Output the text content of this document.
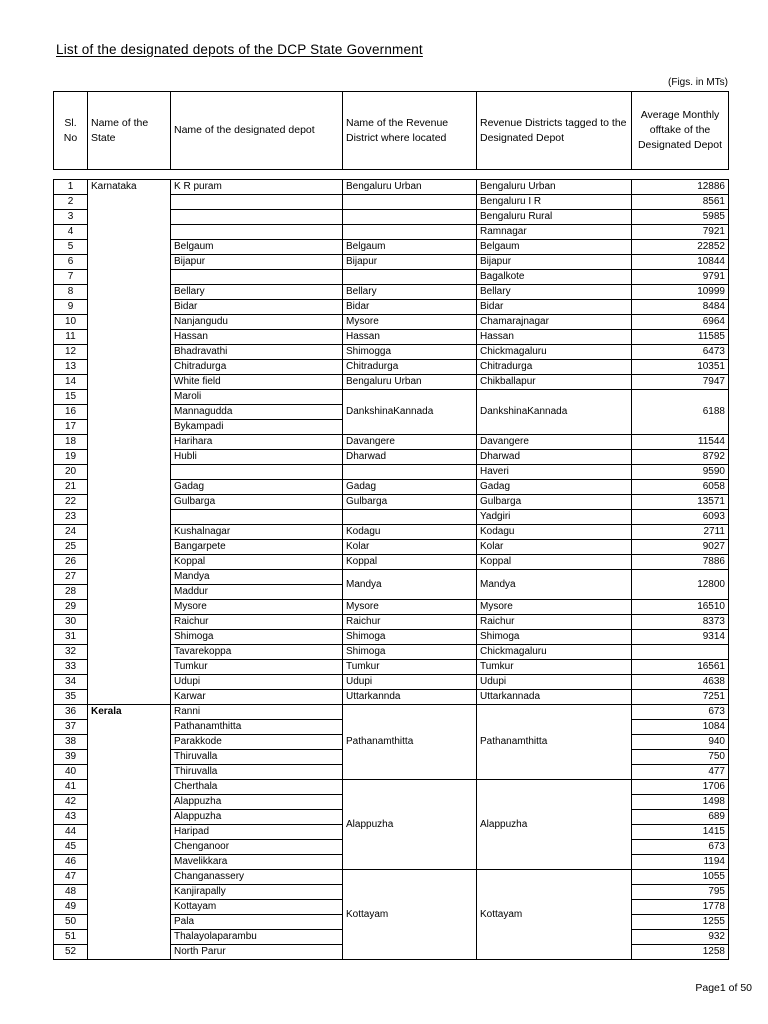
List of the designated depots of the DCP State Government
(Figs. in MTs)
Sl. No	Name of the State	Name of the designated depot	Name of the Revenue District where located	Revenue Districts tagged to the Designated Depot	Average Monthly offtake of the Designated Depot
1	Karnataka	K R puram	Bengaluru Urban	Bengaluru Urban	12886
2				Bengaluru I R	8561
3				Bengaluru Rural	5985
4				Ramnagar	7921
5		Belgaum	Belgaum	Belgaum	22852
6		Bijapur	Bijapur	Bijapur	10844
7				Bagalkote	9791
8		Bellary	Bellary	Bellary	10999
9		Bidar	Bidar	Bidar	8484
10		Nanjangudu	Mysore	Chamarajnagar	6964
11		Hassan	Hassan	Hassan	11585
12		Bhadravathi	Shimogga	Chickmagaluru	6473
13		Chitradurga	Chitradurga	Chitradurga	10351
14		White field	Bengaluru Urban	Chikballapur	7947
15		Maroli	DankshinaKannada	DankshinaKannada	6188
16		Mannagudda			
17		Bykampadi			
18		Harihara	Davangere	Davangere	11544
19		Hubli	Dharwad	Dharwad	8792
20				Haveri	9590
21		Gadag	Gadag	Gadag	6058
22		Gulbarga	Gulbarga	Gulbarga	13571
23				Yadgiri	6093
24		Kushalnagar	Kodagu	Kodagu	2711
25		Bangarpete	Kolar	Kolar	9027
26		Koppal	Koppal	Koppal	7886
27		Mandya	Mandya	Mandya	12800
28		Maddur			
29		Mysore	Mysore	Mysore	16510
30		Raichur	Raichur	Raichur	8373
31		Shimoga	Shimoga	Shimoga	9314
32		Tavarekoppa	Shimoga	Chickmagaluru	
33		Tumkur	Tumkur	Tumkur	16561
34		Udupi	Udupi	Udupi	4638
35		Karwar	Uttarkannda	Uttarkannada	7251
36	Kerala	Ranni	Pathanamthitta	Pathanamthitta	673
37		Pathanamthitta			1084
38		Parakkode			940
39		Thiruvalla			750
40		Thiruvalla			477
41		Cherthala	Alappuzha	Alappuzha	1706
42		Alappuzha			1498
43		Alappuzha			689
44		Haripad			1415
45		Chenganoor			673
46		Mavelikkara			1194
47		Changanassery	Kottayam	Kottayam	1055
48		Kanjirapally			795
49		Kottayam			1778
50		Pala			1255
51		Thalayolaparambu			932
52		North Parur			1258
Page1 of 50
